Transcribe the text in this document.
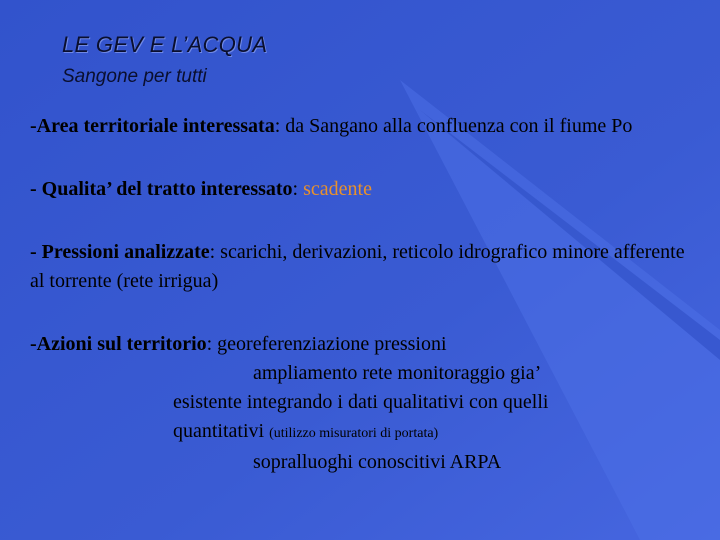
LE GEV E L’ACQUA

Sangone per tutti

-Area territoriale interessata: da Sangano alla confluenza con il fiume Po

- Qualita’ del tratto interessato: scadente

- Pressioni analizzate: scarichi, derivazioni, reticolo idrografico minore afferente al torrente (rete irrigua)

-Azioni sul territorio: georeferenziazione pressioni
ampliamento rete monitoraggio gia’
esistente integrando i dati qualitativi con quelli
quantitativi (utilizzo misuratori di portata)
sopralluoghi conoscitivi ARPA
